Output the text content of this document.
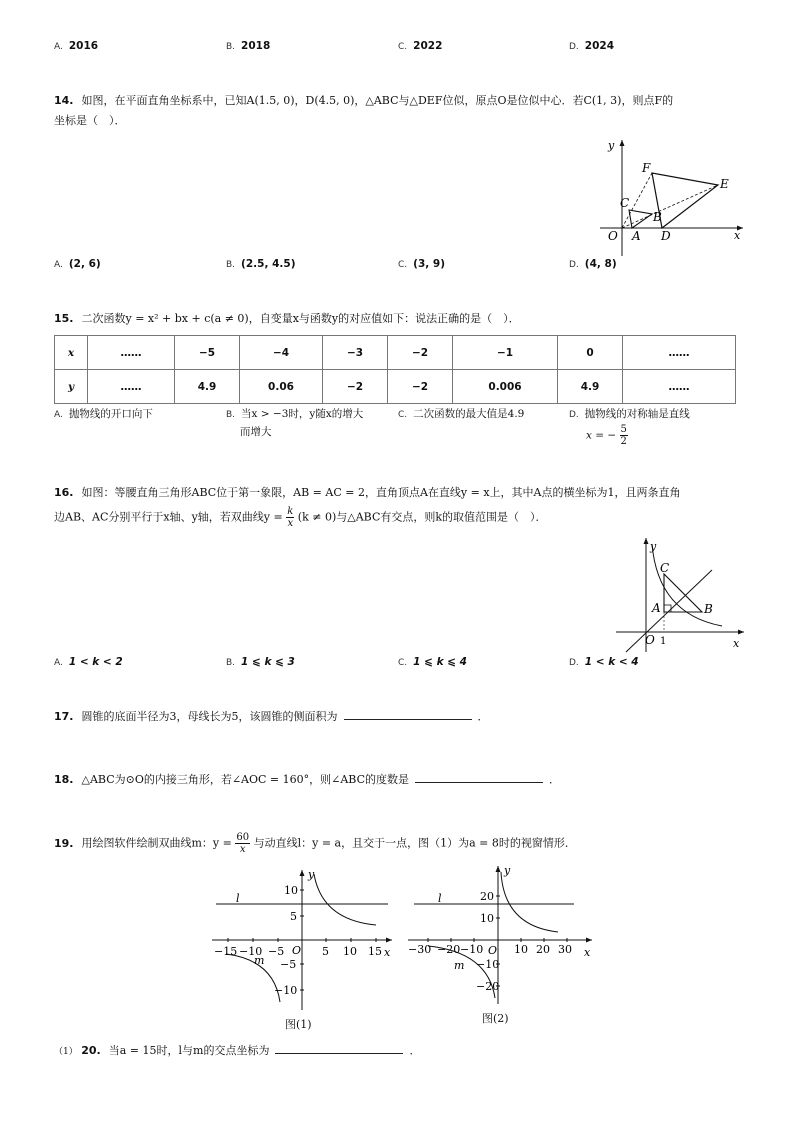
A. 2016	B. 2018	C. 2022	D. 2024
14. 如图，在平面直角坐标系中，已知A(1.5, 0)，D(4.5, 0)，△ABC与△DEF位似，原点O是位似中心．若C(1, 3)，则点F的
坐标是（　）．
y
x
O A
B
C
D
E
F
A. (2, 6)	B. (2.5, 4.5)	C. (3, 9)	D. (4, 8)
15. 二次函数y = x² + bx + c(a ≠ 0)，自变量x与函数y的对应值如下：说法正确的是（　）．
x	……	−5	−4	−3	−2	−1	0	……
y	……	4.9	0.06	−2	−2	0.006	4.9	……
A. 抛物线的开口向下	B. 当x > −3时，y随x的增大
而增大
C. 二次函数的最大值是4.9	D. 抛物线的对称轴是直线
x = − $\frac{5}{2}$
16. 如图：等腰直角三角形ABC位于第一象限，AB = AC = 2，直角顶点A在直线y = x上，其中A点的横坐标为1，且两条直角
边AB、AC分别平行于x轴、y轴，若双曲线$y = \frac{k}{x} (k \ne 0)$与△ABC有交点，则k的取值范围是（　）．
y
x
O 1
A	B
C
A. 1 < k < 2	B. 1 ⩽ k ⩽ 3	C. 1 ⩽ k ⩽ 4	D. 1 < k < 4
17. 圆锥的底面半径为3，母线长为5，该圆锥的侧面积为	．
18. △ABC为⊙O的内接三角形，若∠AOC = 160°，则∠ABC的度数是	．
19. 用绘图软件绘制双曲线m：$y = \frac{60}{x}$ 与动直线l：y = a，且交于一点，图（1）为a = 8时的视窗情形．
y
x
O
l
m
10
5
−5
−10
−15 −10 −5	5 10 15
图(1)
y
x
O
l
m
20
10
−10
−20
−30 −20 −10	10 20 30
图(2)
（1） 20. 当a = 15时，l与m的交点坐标为	．
